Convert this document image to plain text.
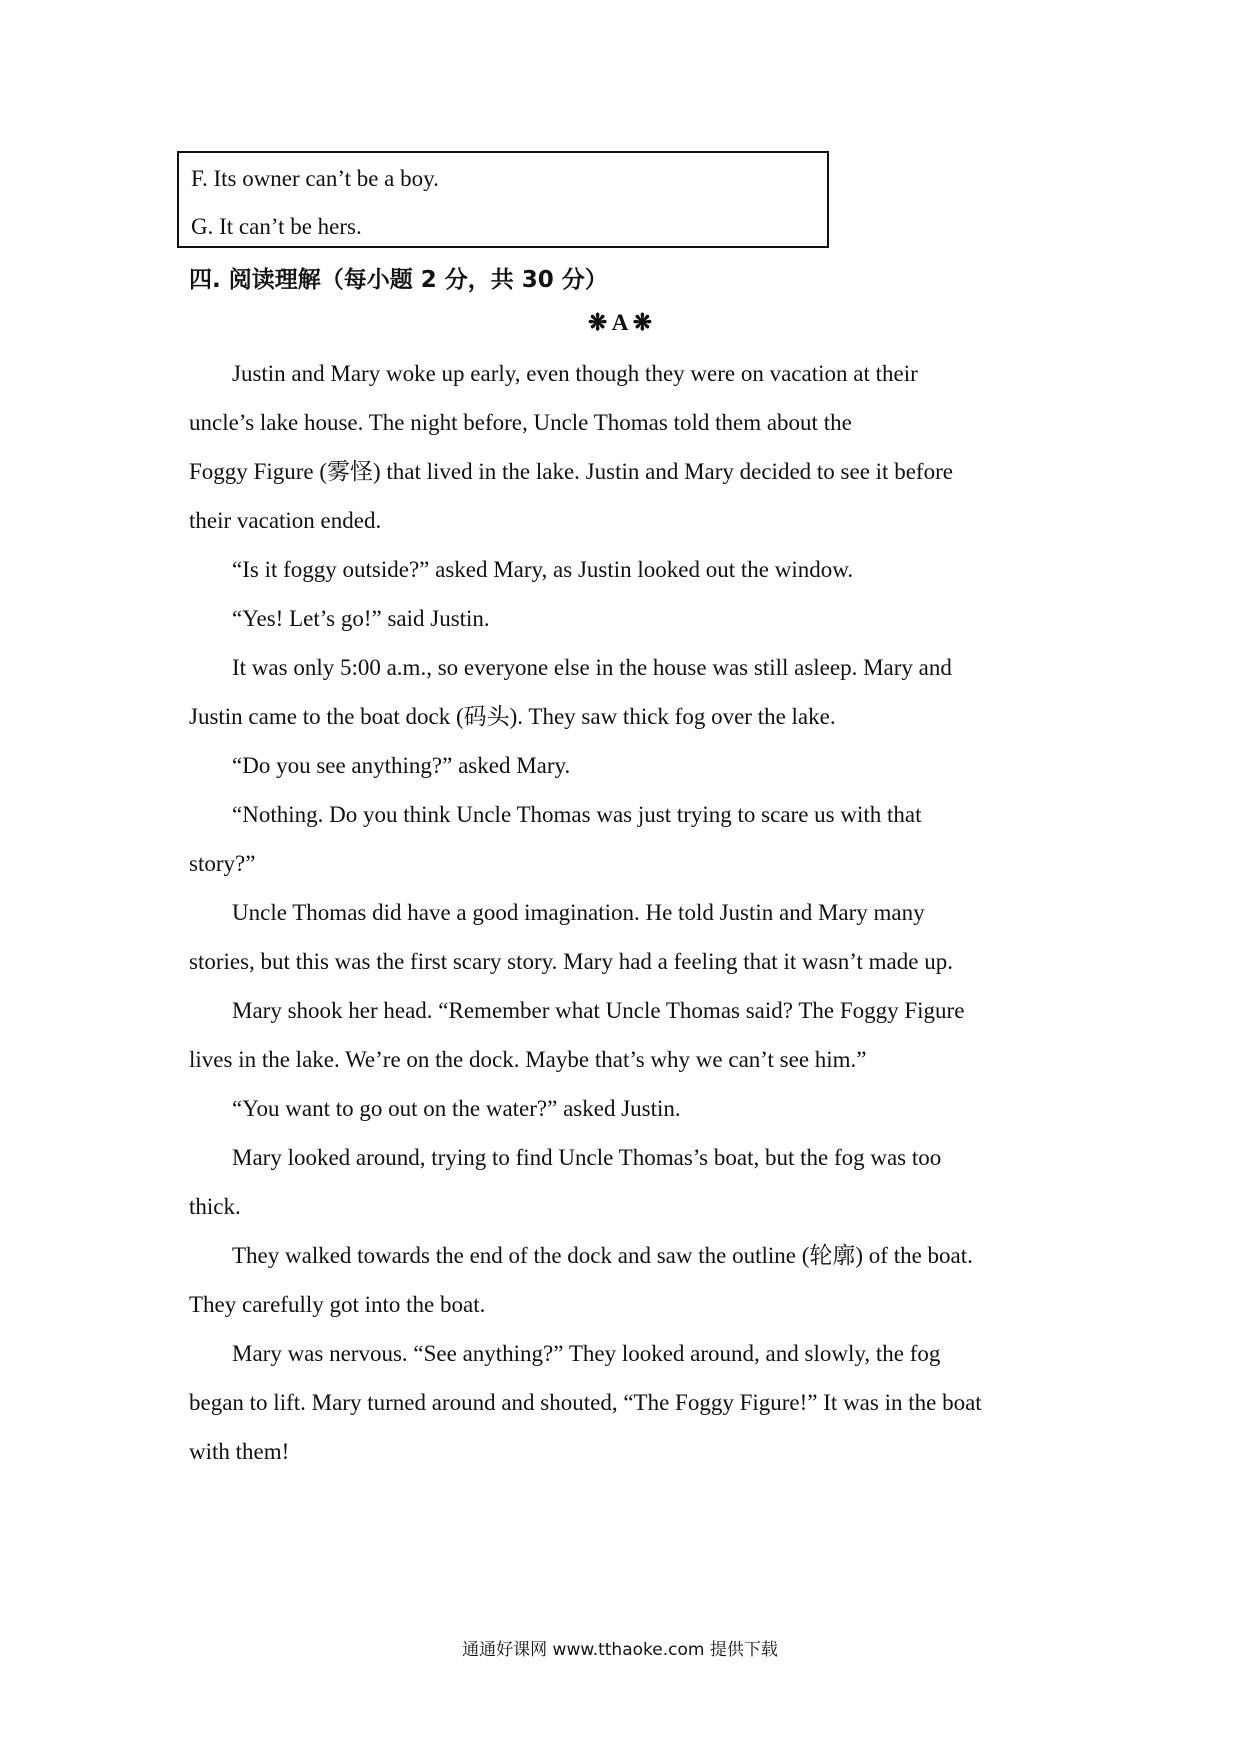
F. Its owner can’t be a boy.
G. It can’t be hers.
四. 阅读理解（每小题 2 分，共 30 分）
❋ A ❋
Justin and Mary woke up early, even though they were on vacation at their
uncle’s lake house. The night before, Uncle Thomas told them about the
Foggy Figure (雾怪) that lived in the lake. Justin and Mary decided to see it before
their vacation ended.
“Is it foggy outside?” asked Mary, as Justin looked out the window.
“Yes! Let’s go!” said Justin.
It was only 5:00 a.m., so everyone else in the house was still asleep. Mary and
Justin came to the boat dock (码头). They saw thick fog over the lake.
“Do you see anything?” asked Mary.
“Nothing. Do you think Uncle Thomas was just trying to scare us with that
story?”
Uncle Thomas did have a good imagination. He told Justin and Mary many
stories, but this was the first scary story. Mary had a feeling that it wasn’t made up.
Mary shook her head. “Remember what Uncle Thomas said? The Foggy Figure
lives in the lake. We’re on the dock. Maybe that’s why we can’t see him.”
“You want to go out on the water?” asked Justin.
Mary looked around, trying to find Uncle Thomas’s boat, but the fog was too
thick.
They walked towards the end of the dock and saw the outline (轮廓) of the boat.
They carefully got into the boat.
Mary was nervous. “See anything?” They looked around, and slowly, the fog
began to lift. Mary turned around and shouted, “The Foggy Figure!” It was in the boat
with them!
通通好课网 www.tthaoke.com 提供下载
